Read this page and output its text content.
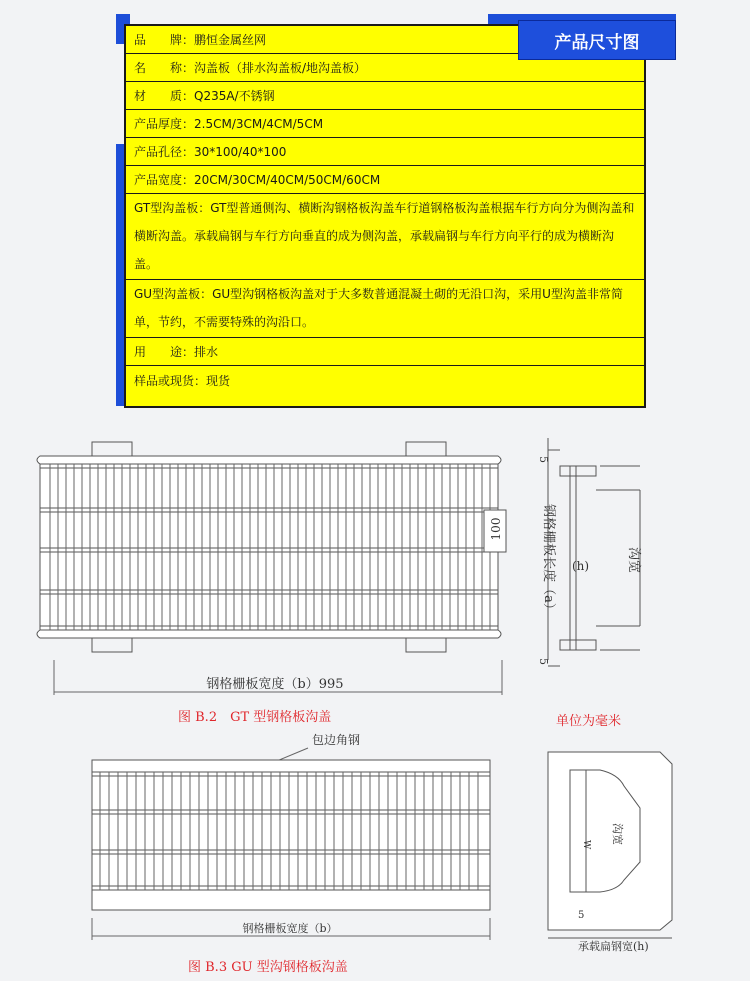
品　　牌：鹏恒金属丝网
名　　称：沟盖板（排水沟盖板/地沟盖板）
材　　质：Q235A/不锈钢
产品厚度：2.5CM/3CM/4CM/5CM
产品孔径：30*100/40*100
产品宽度：20CM/30CM/40CM/50CM/60CM
GT型沟盖板：GT型普通侧沟、横断沟钢格板沟盖车行道钢格板沟盖根据车行方向分为侧沟盖和横断沟盖。承载扁钢与车行方向垂直的成为侧沟盖，承载扁钢与车行方向平行的成为横断沟盖。
GU型沟盖板：GU型沟钢格板沟盖对于大多数普通混凝土砌的无沿口沟，采用U型沟盖非常简单，节约，不需要特殊的沟沿口。
用　　途：排水
样品或现货：现货
产品尺寸图
100
钢格栅板宽度（b）995
钢格栅板长度（a） (h)	沟宽
5
5
图 B.2　GT 型钢格板沟盖	单位为毫米
包边角钢
钢格栅板宽度（b）
W 沟宽
5
承载扁钢宽(h)
图 B.3 GU 型沟钢格板沟盖
